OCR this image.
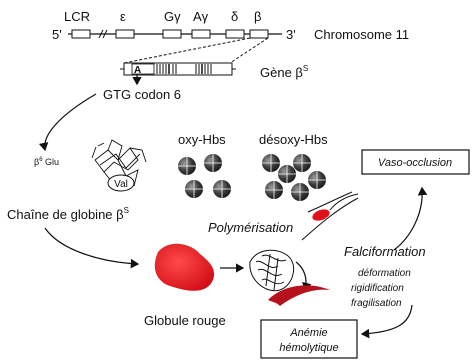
5'	3'
LCR ε	Gγ Aγ δ β
Chromosome 11
A	Gène $\beta^S$
GTG codon 6
$\beta^6$ Glu
Val
Chaîne de globine $\beta^S$
oxy-Hbs	désoxy-Hbs
Polymérisation
Globule rouge
Falciformation
déformation
rigidification
fragilisation
Vaso-occlusion
Anémie
hémolytique
